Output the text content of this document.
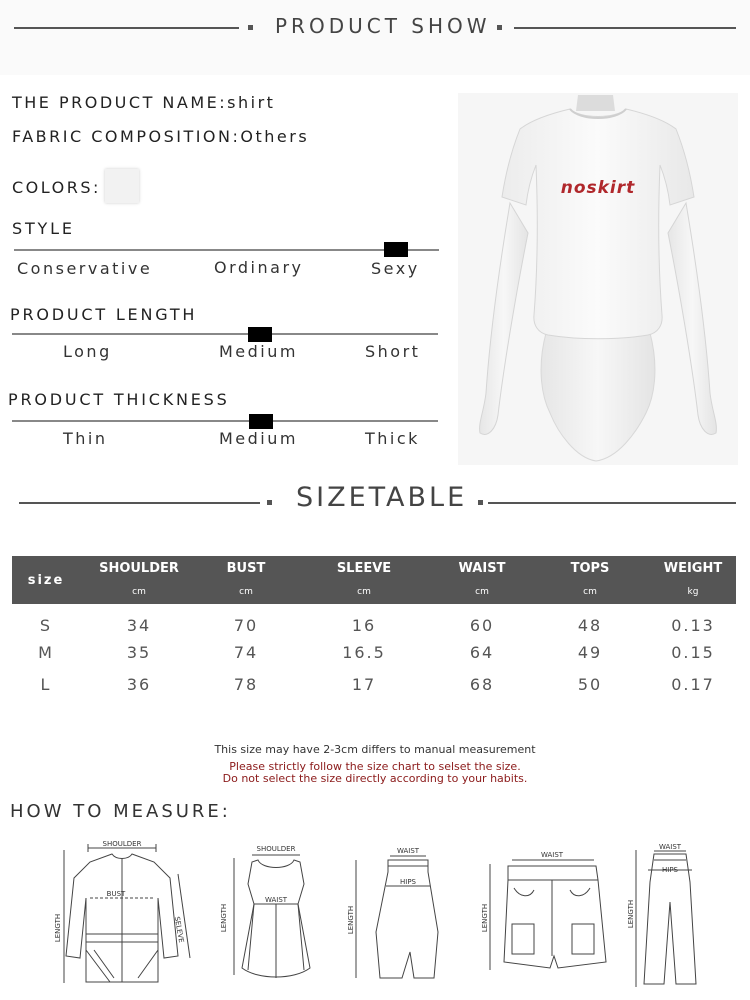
PRODUCT SHOW
THE PRODUCT NAME:shirt
FABRIC COMPOSITION:Others
COLORS:
STYLE
Conservative	Ordinary	Sexy
PRODUCT LENGTH
Long	Medium	Short
PRODUCT THICKNESS
Thin	Medium	Thick
noskirt
SIZETABLE
size	SHOULDER	BUST	SLEEVE	WAIST	TOPS	WEIGHT
	cm	cm	cm	cm	cm	kg
S	34	70	16	60	48	0.13
M	35	74	16.5	64	49	0.15
L	36	78	17	68	50	0.17
This size may have 2-3cm differs to manual measurement
Please strictly follow the size chart to selset the size.
Do not select the size directly according to your habits.
HOW TO MEASURE:
SHOULDER
BUST
LENGTH	SELEVE
SHOULDER
WAIST
LENGTH
WAIST
HIPS
LENGTH
WAIST
LENGTH
WAIST
HIPS
LENGTH
